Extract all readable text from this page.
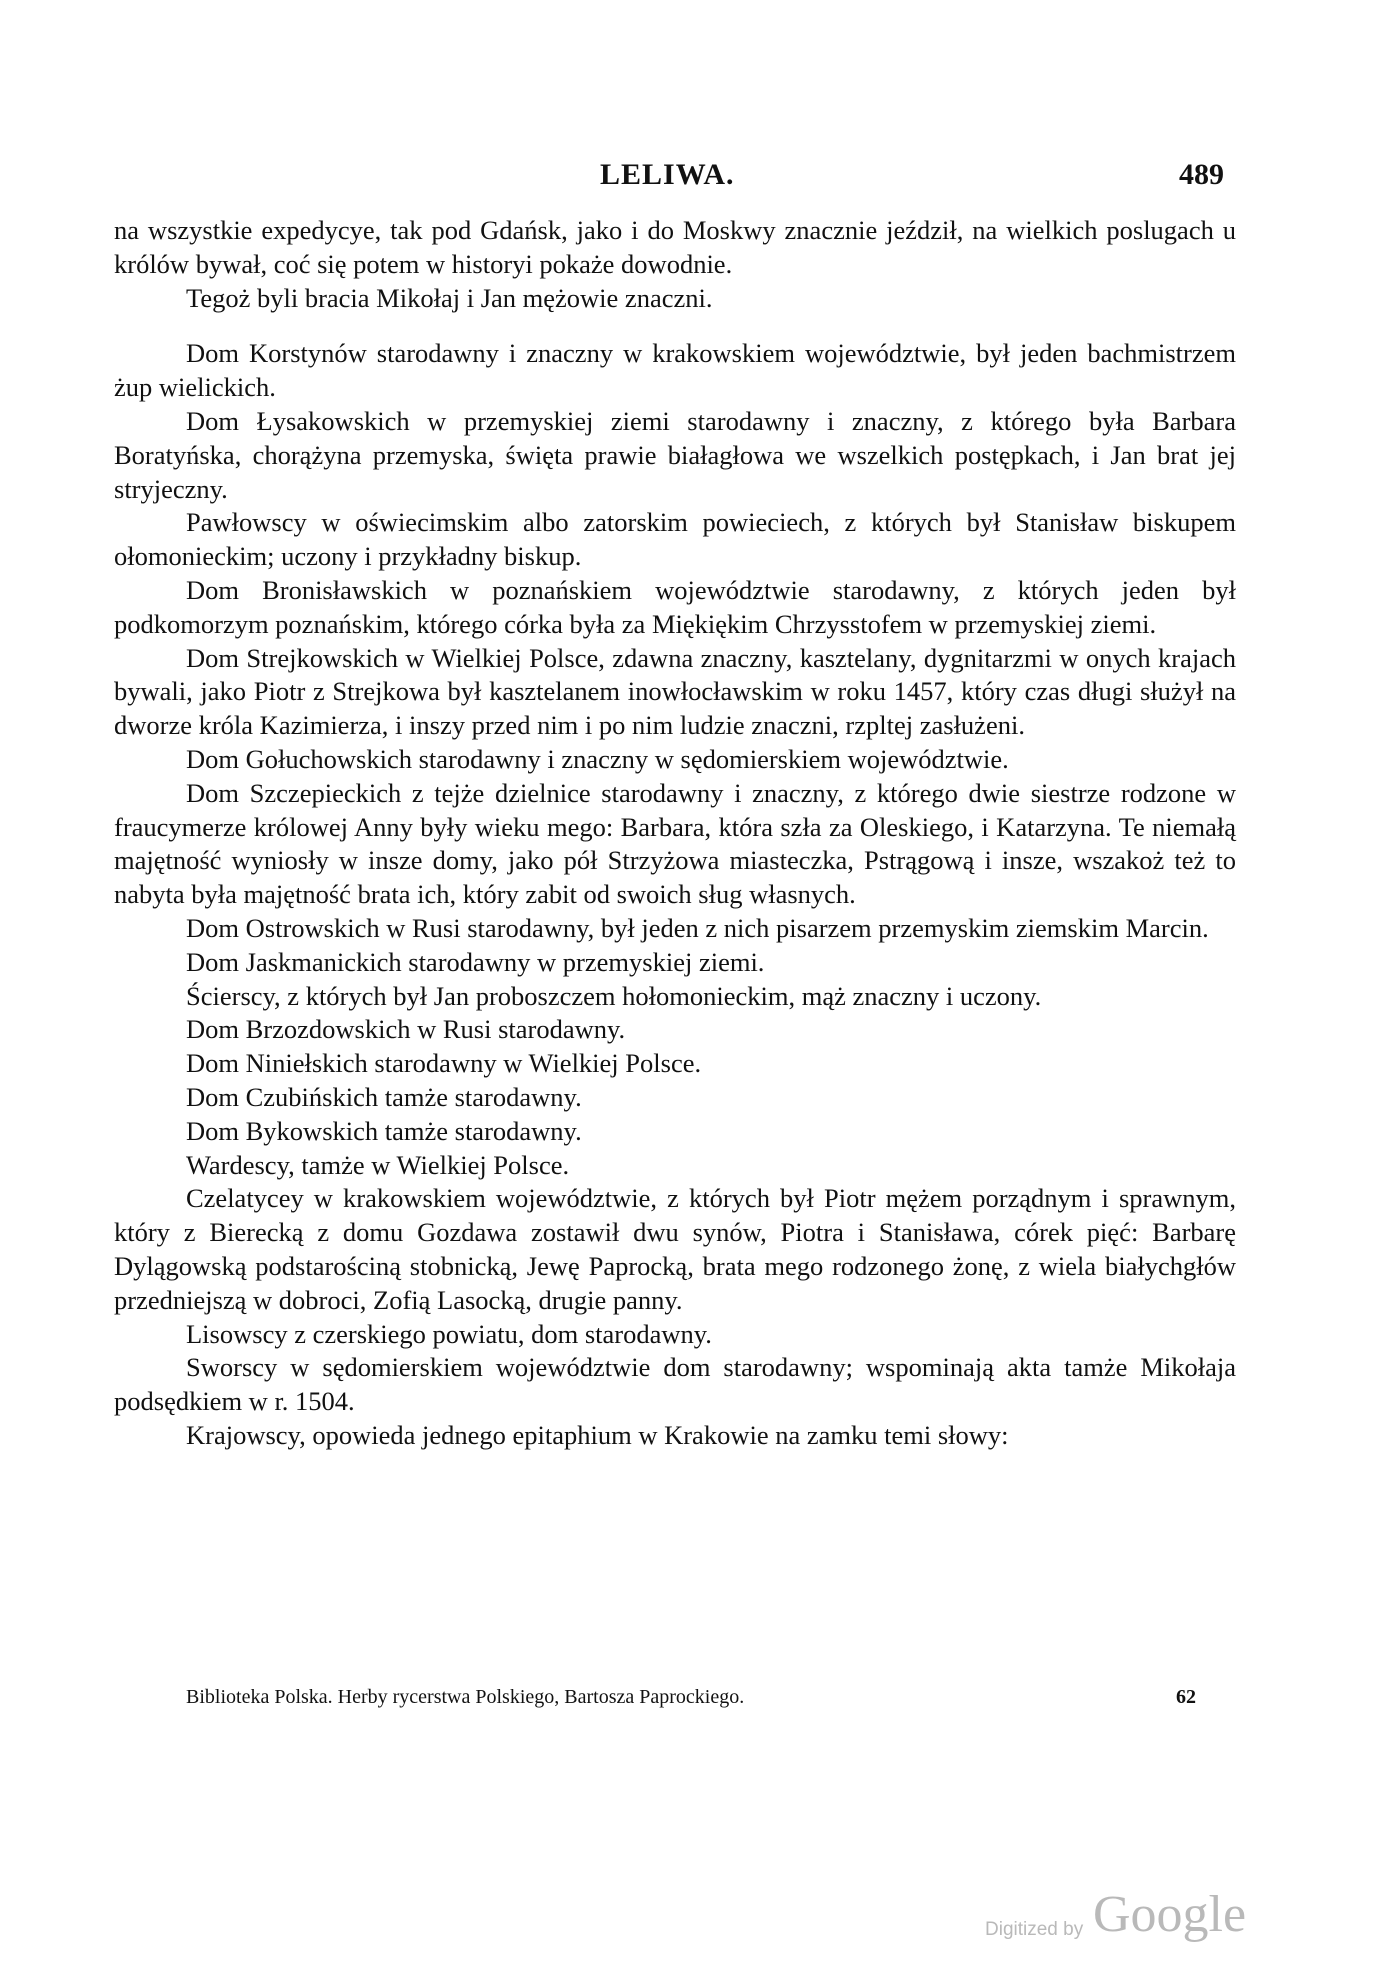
LELIWA.	489

na wszystkie expedycye, tak pod Gdańsk, jako i do Moskwy znacznie jeździł, na wielkich poslugach u królów bywał, coć się potem w historyi pokaże dowodnie.

Tegoż byli bracia Mikołaj i Jan mężowie znaczni.

Dom Korstynów starodawny i znaczny w krakowskiem województwie, był jeden bachmistrzem żup wielickich.

Dom Łysakowskich w przemyskiej ziemi starodawny i znaczny, z którego była Barbara Boratyńska, chorążyna przemyska, święta prawie białagłowa we wszelkich postępkach, i Jan brat jej stryjeczny.

Pawłowscy w oświecimskim albo zatorskim powieciech, z których był Stanisław biskupem ołomonieckim; uczony i przykładny biskup.

Dom Bronisławskich w poznańskiem województwie starodawny, z których jeden był podkomorzym poznańskim, którego córka była za Miękiękim Chrzysstofem w przemyskiej ziemi.

Dom Strejkowskich w Wielkiej Polsce, zdawna znaczny, kasztelany, dygnitarzmi w onych krajach bywali, jako Piotr z Strejkowa był kasztelanem inowłocławskim w roku 1457, który czas długi służył na dworze króla Kazimierza, i inszy przed nim i po nim ludzie znaczni, rzpltej zasłużeni.

Dom Gołuchowskich starodawny i znaczny w sędomierskiem województwie.

Dom Szczepieckich z tejże dzielnice starodawny i znaczny, z którego dwie siestrze rodzone w fraucymerze królowej Anny były wieku mego: Barbara, która szła za Oleskiego, i Katarzyna. Te niemałą majętność wyniosły w insze domy, jako pół Strzyżowa miasteczka, Pstrągową i insze, wszakoż też to nabyta była majętność brata ich, który zabit od swoich sług własnych.

Dom Ostrowskich w Rusi starodawny, był jeden z nich pisarzem przemyskim ziemskim Marcin.

Dom Jaskmanickich starodawny w przemyskiej ziemi.

Ścierscy, z których był Jan proboszczem hołomonieckim, mąż znaczny i uczony.

Dom Brzozdowskich w Rusi starodawny.

Dom Niniełskich starodawny w Wielkiej Polsce.

Dom Czubińskich tamże starodawny.

Dom Bykowskich tamże starodawny.

Wardescy, tamże w Wielkiej Polsce.

Czelatycey w krakowskiem województwie, z których był Piotr mężem porządnym i sprawnym, który z Bierecką z domu Gozdawa zostawił dwu synów, Piotra i Stanisława, córek pięć: Barbarę Dylągowską podstarościną stobnicką, Jewę Paprocką, brata mego rodzonego żonę, z wiela białychgłów przedniejszą w dobroci, Zofią Lasocką, drugie panny.

Lisowscy z czerskiego powiatu, dom starodawny.

Sworscy w sędomierskiem województwie dom starodawny; wspominają akta tamże Mikołaja podsędkiem w r. 1504.

Krajowscy, opowieda jednego epitaphium w Krakowie na zamku temi słowy:

Biblioteka Polska. Herby rycerstwa Polskiego, Bartosza Paprockiego.	62
Digitized by Google
